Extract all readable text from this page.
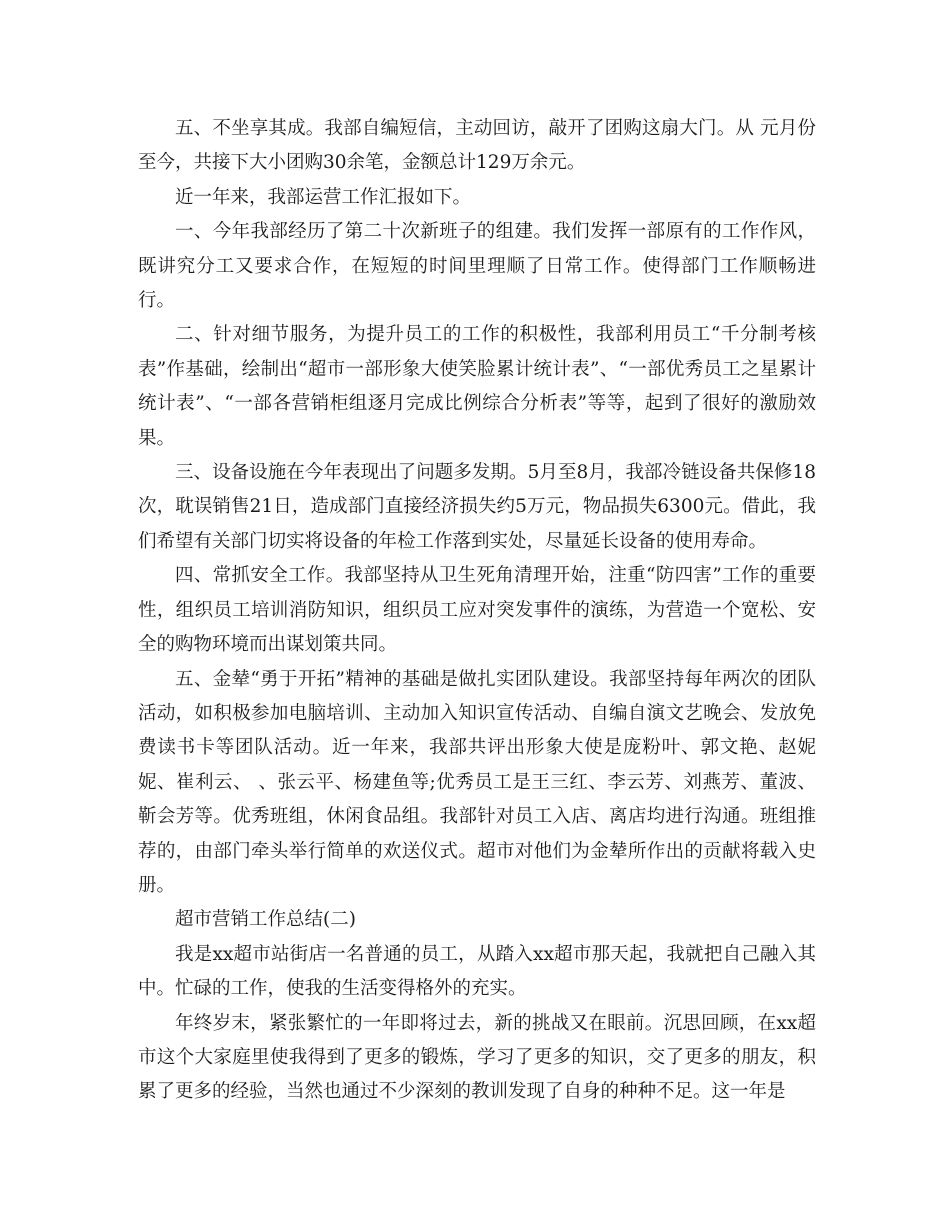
五、不坐享其成。我部自编短信，主动回访，敲开了团购这扇大门。从 元月份至今，共接下大小团购30余笔，金额总计129万余元。

近一年来，我部运营工作汇报如下。

一、今年我部经历了第二十次新班子的组建。我们发挥一部原有的工作作风，既讲究分工又要求合作，在短短的时间里理顺了日常工作。使得部门工作顺畅进行。

二、针对细节服务，为提升员工的工作的积极性，我部利用员工“千分制考核表”作基础，绘制出“超市一部形象大使笑脸累计统计表”、“一部优秀员工之星累计统计表”、“一部各营销柜组逐月完成比例综合分析表”等等，起到了很好的激励效果。

三、设备设施在今年表现出了问题多发期。5月至8月，我部冷链设备共保修18次，耽误销售21日，造成部门直接经济损失约5万元，物品损失6300元。借此，我们希望有关部门切实将设备的年检工作落到实处，尽量延长设备的使用寿命。

四、常抓安全工作。我部坚持从卫生死角清理开始，注重“防四害”工作的重要性，组织员工培训消防知识，组织员工应对突发事件的演练，为营造一个宽松、安全的购物环境而出谋划策共同。

五、金辇“勇于开拓”精神的基础是做扎实团队建设。我部坚持每年两次的团队活动，如积极参加电脑培训、主动加入知识宣传活动、自编自演文艺晚会、发放免费读书卡等团队活动。近一年来，我部共评出形象大使是庞粉叶、郭文艳、赵妮妮、崔利云、 、张云平、杨建鱼等;优秀员工是王三红、李云芳、刘燕芳、董波、靳会芳等。优秀班组，休闲食品组。我部针对员工入店、离店均进行沟通。班组推荐的，由部门牵头举行简单的欢送仪式。超市对他们为金辇所作出的贡献将载入史册。

超市营销工作总结(二)

我是xx超市站街店一名普通的员工，从踏入xx超市那天起，我就把自己融入其中。忙碌的工作，使我的生活变得格外的充实。

年终岁末，紧张繁忙的一年即将过去，新的挑战又在眼前。沉思回顾，在xx超市这个大家庭里使我得到了更多的锻炼，学习了更多的知识，交了更多的朋友，积累了更多的经验，当然也通过不少深刻的教训发现了自身的种种不足。这一年是
